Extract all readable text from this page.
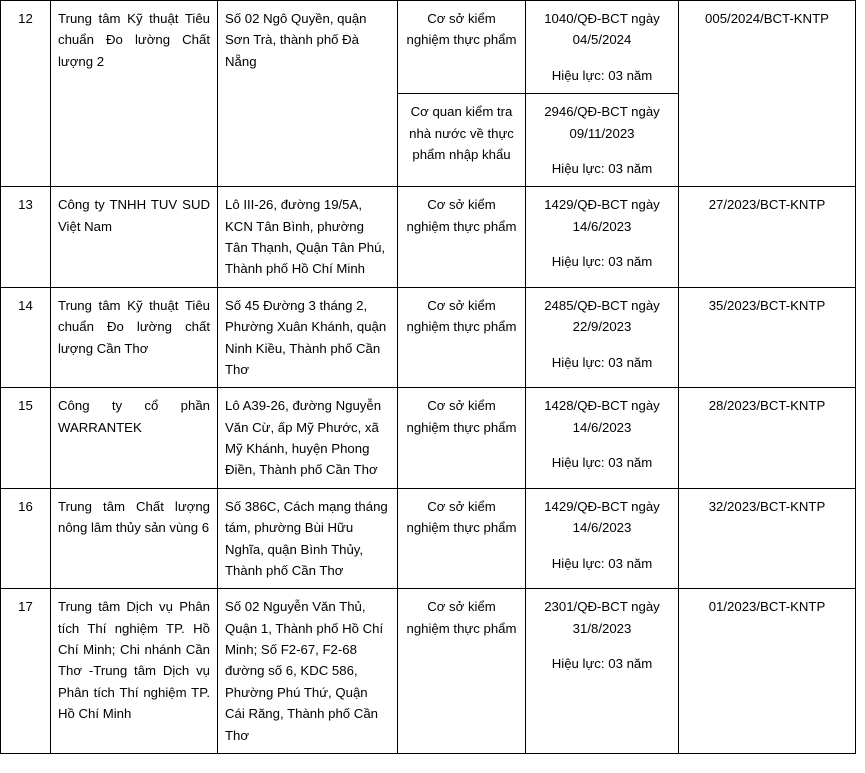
12	Trung tâm Kỹ thuật Tiêu chuẩn Đo lường Chất lượng 2	Số 02 Ngô Quyền, quận Sơn Trà, thành phố Đà Nẵng	Cơ sở kiểm nghiệm thực phẩm	1040/QĐ-BCT ngày 04/5/2024
Hiệu lực: 03 năm	005/2024/BCT-KNTP
			Cơ quan kiểm tra nhà nước về thực phẩm nhập khẩu	2946/QĐ-BCT ngày 09/11/2023
Hiệu lực: 03 năm	

13	Công ty TNHH TUV SUD Việt Nam	Lô III-26, đường 19/5A, KCN Tân Bình, phường Tân Thạnh, Quận Tân Phú, Thành phố Hồ Chí Minh	Cơ sở kiểm nghiệm thực phẩm	1429/QĐ-BCT ngày 14/6/2023
Hiệu lực: 03 năm	27/2023/BCT-KNTP
14	Trung tâm Kỹ thuật Tiêu chuẩn Đo lường chất lượng Cần Thơ	Số 45 Đường 3 tháng 2, Phường Xuân Khánh, quận Ninh Kiều, Thành phố Cần Thơ	Cơ sở kiểm nghiệm thực phẩm	2485/QĐ-BCT ngày 22/9/2023
Hiệu lực: 03 năm	35/2023/BCT-KNTP
15	Công ty cổ phần WARRANTEK	Lô A39-26, đường Nguyễn Văn Cừ, ấp Mỹ Phước, xã Mỹ Khánh, huyện Phong Điền, Thành phố Cần Thơ	Cơ sở kiểm nghiệm thực phẩm	1428/QĐ-BCT ngày 14/6/2023
Hiệu lực: 03 năm	28/2023/BCT-KNTP
16	Trung tâm Chất lượng nông lâm thủy sản vùng 6	Số 386C, Cách mạng tháng tám, phường Bùi Hữu Nghĩa, quận Bình Thủy, Thành phố Cần Thơ	Cơ sở kiểm nghiệm thực phẩm	1429/QĐ-BCT ngày 14/6/2023
Hiệu lực: 03 năm	32/2023/BCT-KNTP
17	Trung tâm Dịch vụ Phân tích Thí nghiệm TP. Hồ Chí Minh; Chi nhánh Cần Thơ -Trung tâm Dịch vụ Phân tích Thí nghiệm TP. Hồ Chí Minh	Số 02 Nguyễn Văn Thủ, Quận 1, Thành phố Hồ Chí Minh; Số F2-67, F2-68 đường số 6, KDC 586, Phường Phú Thứ, Quận Cái Răng, Thành phố Cần Thơ	Cơ sở kiểm nghiệm thực phẩm	2301/QĐ-BCT ngày 31/8/2023
Hiệu lực: 03 năm	01/2023/BCT-KNTP
